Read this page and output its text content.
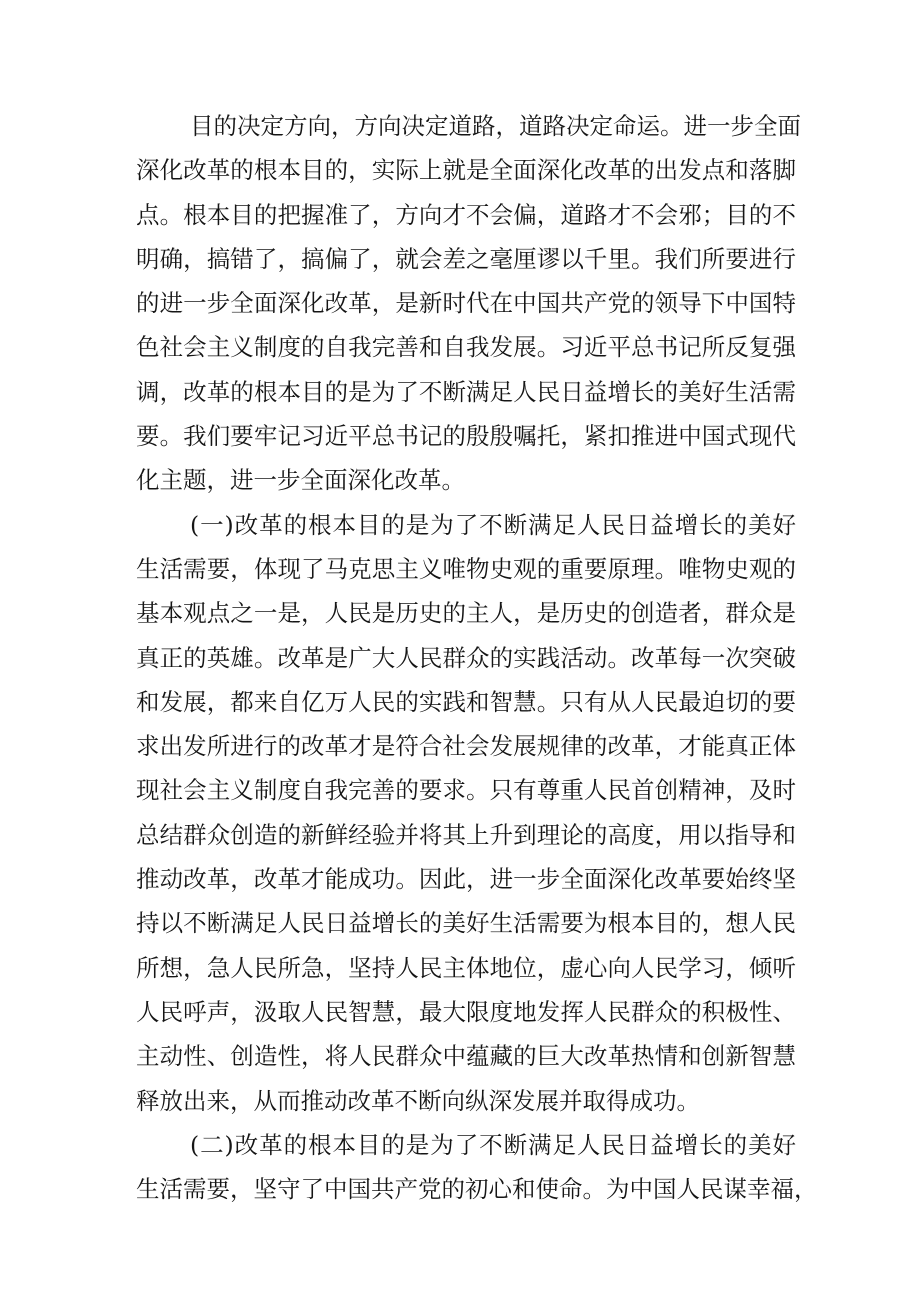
目的决定方向，方向决定道路，道路决定命运。进一步全面
深化改革的根本目的，实际上就是全面深化改革的出发点和落脚
点。根本目的把握准了，方向才不会偏，道路才不会邪；目的不
明确，搞错了，搞偏了，就会差之毫厘谬以千里。我们所要进行
的进一步全面深化改革，是新时代在中国共产党的领导下中国特
色社会主义制度的自我完善和自我发展。习近平总书记所反复强
调，改革的根本目的是为了不断满足人民日益增长的美好生活需
要。我们要牢记习近平总书记的殷殷嘱托，紧扣推进中国式现代
化主题，进一步全面深化改革。
(一)改革的根本目的是为了不断满足人民日益增长的美好
生活需要，体现了马克思主义唯物史观的重要原理。唯物史观的
基本观点之一是，人民是历史的主人，是历史的创造者，群众是
真正的英雄。改革是广大人民群众的实践活动。改革每一次突破
和发展，都来自亿万人民的实践和智慧。只有从人民最迫切的要
求出发所进行的改革才是符合社会发展规律的改革，才能真正体
现社会主义制度自我完善的要求。只有尊重人民首创精神，及时
总结群众创造的新鲜经验并将其上升到理论的高度，用以指导和
推动改革，改革才能成功。因此，进一步全面深化改革要始终坚
持以不断满足人民日益增长的美好生活需要为根本目的，想人民
所想，急人民所急，坚持人民主体地位，虚心向人民学习，倾听
人民呼声，汲取人民智慧，最大限度地发挥人民群众的积极性、
主动性、创造性，将人民群众中蕴藏的巨大改革热情和创新智慧
释放出来，从而推动改革不断向纵深发展并取得成功。
(二)改革的根本目的是为了不断满足人民日益增长的美好
生活需要，坚守了中国共产党的初心和使命。为中国人民谋幸福，
